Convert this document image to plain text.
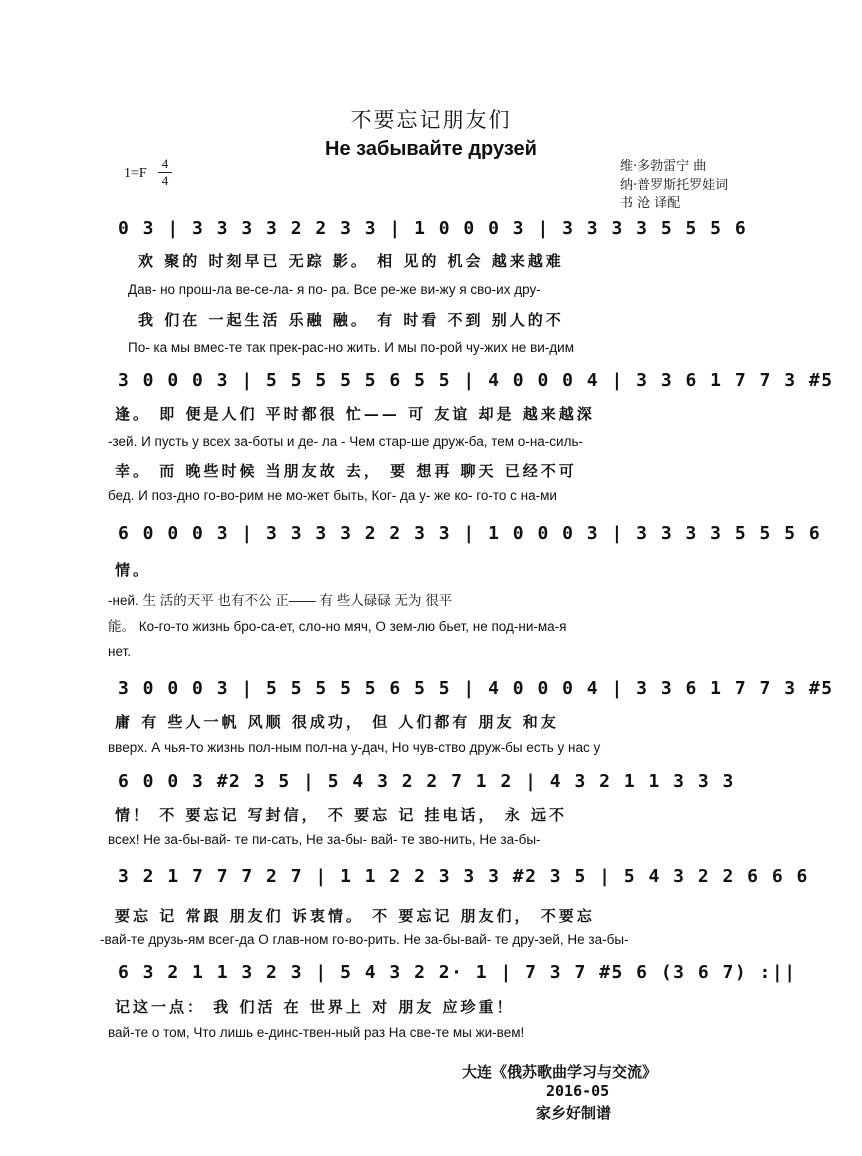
不要忘记朋友们
Не забывайте друзей
1=F
4
4
维·多勃雷宁 曲
纳·普罗斯托罗娃词
书 沧 译配
0 3 | 3 3 3 3 2 2 3 3 | 1 0 0 0 3 | 3 3 3 3 5 5 5 6
欢 聚的 时刻早已 无踪 影。 相 见的 机会 越来越难
Дав- но прош-ла ве-се-ла- я по- ра. Все ре-же ви-жу я сво-их дру-
我 们在 一起生活 乐融 融。 有 时看 不到 别人的不
По- ка мы вмес-те так прек-рас-но жить. И мы по-рой чу-жих не ви-дим
3 0 0 0 3 | 5 5 5 5 5 6 5 5 | 4 0 0 0 4 | 3 3 6 1 7 7 3 #5
逢。 即 便是人们 平时都很 忙—— 可 友谊 却是 越来越深
-зей. И пусть у всех за-боты и де- ла - Чем стар-ше друж-ба, тем о-на-силь-
幸。 而 晚些时候 当朋友故 去， 要 想再 聊天 已经不可
бед. И поз-дно го-во-рим не мо-жет быть, Ког- да у- же ко- го-то с на-ми
6 0 0 0 3 | 3 3 3 3 2 2 3 3 | 1 0 0 0 3 | 3 3 3 3 5 5 5 6
情。
-ней. 生 活的天平 也有不公 正—— 有 些人碌碌 无为 很平
能。 Ко-го-то жизнь бро-са-ет, сло-но мяч, О зем-лю бьет, не под-ни-ма-я
нет.
3 0 0 0 3 | 5 5 5 5 5 6 5 5 | 4 0 0 0 4 | 3 3 6 1 7 7 3 #5
庸 有 些人一帆 风顺 很成功， 但 人们都有 朋友 和友
вверх. А чья-то жизнь пол-ным пол-на у-дач, Но чув-ство друж-бы есть у нас у
6 0 0 3 #2 3 5 | 5 4 3 2 2 7 1 2 | 4 3 2 1 1 3 3 3
情！ 不 要忘记 写封信， 不 要忘 记 挂电话， 永 远不
всех! Не за-бы-вай- те пи-сать, Не за-бы- вай- те зво-нить, Не за-бы-
3 2 1 7 7 7 2 7 | 1 1 2 2 3 3 3 #2 3 5 | 5 4 3 2 2 6 6 6
要忘 记 常跟 朋友们 诉衷情。 不 要忘记 朋友们， 不要忘
-вай-те друзь-ям всег-да О глав-ном го-во-рить. Не за-бы-вай- те дру-зей, Не за-бы-
6 3 2 1 1 3 2 3 | 5 4 3 2 2· 1 | 7 3 7 #5 6 (3 6 7) :||
记这一点： 我 们活 在 世界上 对 朋友 应珍重！
вай-те о том, Что лишь е-динс-твен-ный раз На све-те мы жи-вем!
大连《俄苏歌曲学习与交流》
2016-05
家乡好制谱
